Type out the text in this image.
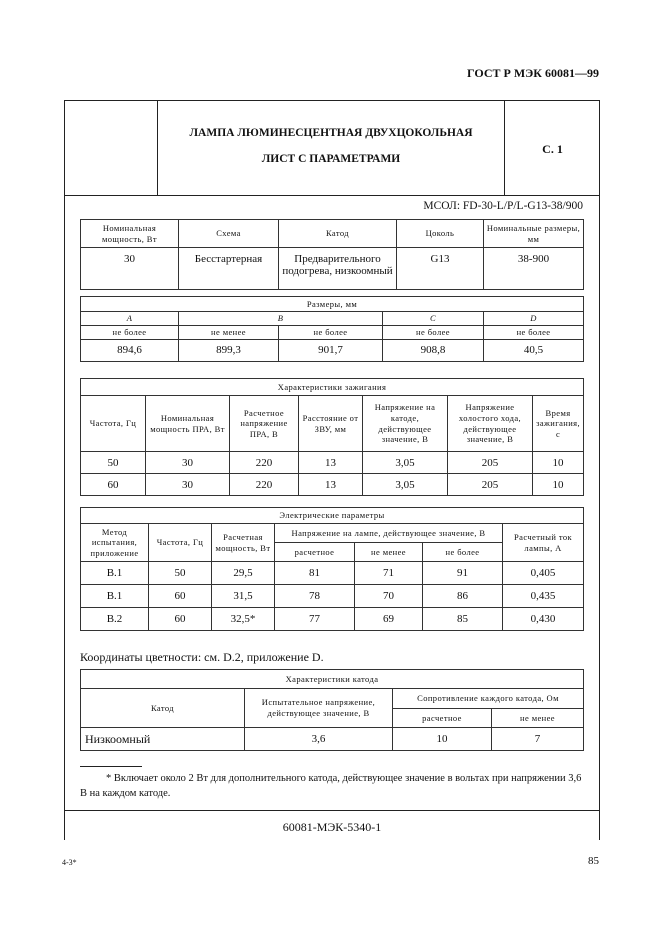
ГОСТ Р МЭК 60081—99
ЛАМПА ЛЮМИНЕСЦЕНТНАЯ ДВУХЦОКОЛЬНАЯ
ЛИСТ С ПАРАМЕТРАМИ
С. 1
МСОЛ: FD-30-L/P/L-G13-38/900
Номинальная мощность, Вт	Схема	Катод	Цоколь	Номинальные размеры, мм
30	Бесстартерная	Предварительного подогрева, низкоомный	G13	38-900
Размеры, мм				
A	B		C	D
не более	не менее	не более	не более	не более
894,6	899,3	901,7	908,8	40,5
Характеристики зажигания						
Частота, Гц	Номинальная мощность ПРА, Вт	Расчетное напряжение ПРА, В	Расстояние от ЗВУ, мм	Напряжение на катоде, действующее значение, В	Напряжение холостого хода, действующее значение, В	Время зажигания, с
50	30	220	13	3,05	205	10
60	30	220	13	3,05	205	10
Электрические параметры						
Метод испытания, приложение	Частота, Гц	Расчетная мощность, Вт	Напряжение на лампе, действующее значение, В			Расчетный ток лампы, А
			расчетное	не менее	не более	
B.1	50	29,5	81	71	91	0,405
B.1	60	31,5	78	70	86	0,435
B.2	60	32,5*	77	69	85	0,430
Координаты цветности: см. D.2, приложение D.
Характеристики катода			
Катод	Испытательное напряжение, действующее значение, В	Сопротивление каждого катода, Ом	
		расчетное	не менее
Низкоомный	3,6	10	7
* Включает около 2 Вт для дополнительного катода, действующее значение в вольтах при напряжении 3,6 В на каждом катоде.
60081-МЭК-5340-1
4-3*	85
